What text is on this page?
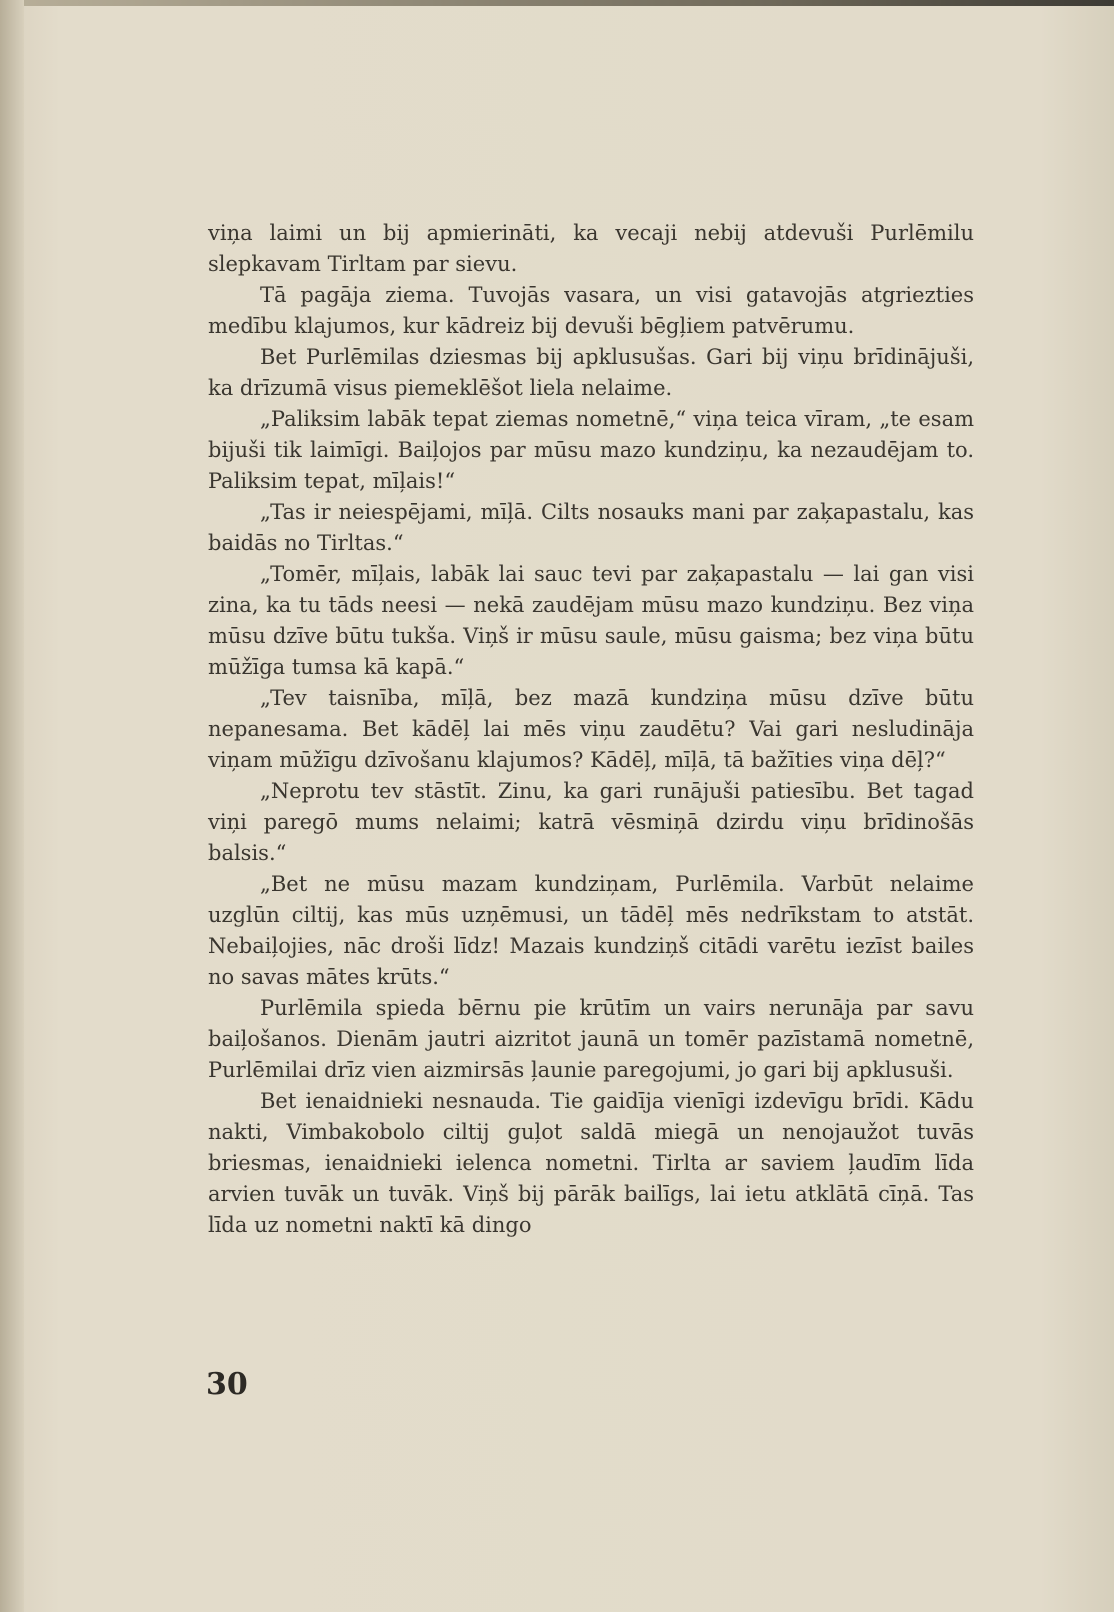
viņa laimi un bij apmierināti, ka vecaji nebij atdevuši Purlēmilu slepkavam Tirltam par sievu.

Tā pagāja ziema. Tuvojās vasara, un visi gatavojās atgriezties medību klajumos, kur kādreiz bij devuši bēgļiem patvērumu.

Bet Purlēmilas dziesmas bij apklusušas. Gari bij viņu brīdinājuši, ka drīzumā visus piemeklēšot liela nelaime.

„Paliksim labāk tepat ziemas nometnē,“ viņa teica vīram, „te esam bijuši tik laimīgi. Baiļojos par mūsu mazo kundziņu, ka nezaudējam to. Paliksim tepat, mīļais!“

„Tas ir neiespējami, mīļā. Cilts nosauks mani par zaķapastalu, kas baidās no Tirltas.“

„Tomēr, mīļais, labāk lai sauc tevi par zaķapastalu — lai gan visi zina, ka tu tāds neesi — nekā zaudējam mūsu mazo kundziņu. Bez viņa mūsu dzīve būtu tukša. Viņš ir mūsu saule, mūsu gaisma; bez viņa būtu mūžīga tumsa kā kapā.“

„Tev taisnība, mīļā, bez mazā kundziņa mūsu dzīve būtu nepanesama. Bet kādēļ lai mēs viņu zaudētu? Vai gari nesludināja viņam mūžīgu dzīvošanu klajumos? Kādēļ, mīļā, tā bažīties viņa dēļ?“

„Neprotu tev stāstīt. Zinu, ka gari runājuši patiesību. Bet tagad viņi paregō mums nelaimi; katrā vēsmiņā dzirdu viņu brīdinošās balsis.“

„Bet ne mūsu mazam kundziņam, Purlēmila. Varbūt nelaime uzglūn ciltij, kas mūs uzņēmusi, un tādēļ mēs nedrīkstam to atstāt. Nebaiļojies, nāc droši līdz! Mazais kundziņš citādi varētu iezīst bailes no savas mātes krūts.“

Purlēmila spieda bērnu pie krūtīm un vairs nerunāja par savu baiļošanos. Dienām jautri aizritot jaunā un tomēr pazīstamā nometnē, Purlēmilai drīz vien aizmirsās ļaunie paregojumi, jo gari bij apklusuši.

Bet ienaidnieki nesnauda. Tie gaidīja vienīgi izdevīgu brīdi. Kādu nakti, Vimbakobolo ciltij guļot saldā miegā un nenojaužot tuvās briesmas, ienaidnieki ielenca nometni. Tirlta ar saviem ļaudīm līda arvien tuvāk un tuvāk. Viņš bij pārāk bailīgs, lai ietu atklātā cīņā. Tas līda uz nometni naktī kā dingo

30
